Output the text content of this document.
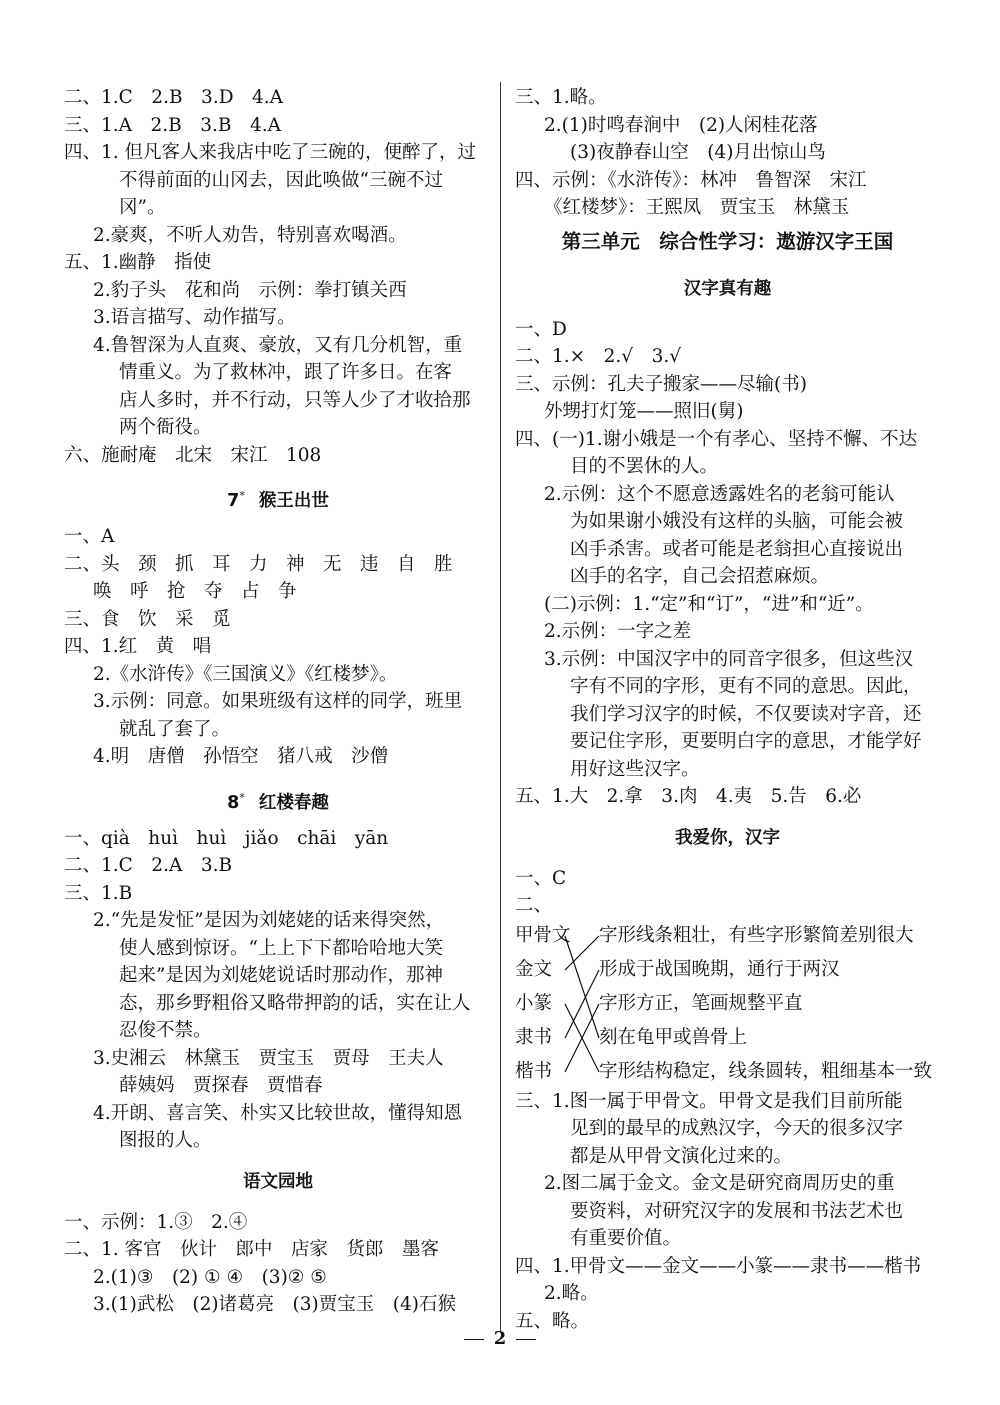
二、1.C　2.B　3.D　4.A
三、1.A　2.B　3.B　4.A
四、1. 但凡客人来我店中吃了三碗的，便醉了，过
不得前面的山冈去，因此唤做“三碗不过
冈”。
2.豪爽，不听人劝告，特别喜欢喝酒。
五、1.幽静　指使
2.豹子头　花和尚　示例：拳打镇关西
3.语言描写、动作描写。
4.鲁智深为人直爽、豪放，又有几分机智，重
情重义。为了救林冲，跟了许多日。在客
店人多时，并不行动，只等人少了才收拾那
两个衙役。
六、施耐庵　北宋　宋江　108
7* 猴王出世
一、A
二、头　颈　抓　耳　力　神　无　违　自　胜
唤　呼　抢　夺　占　争
三、食　饮　采　觅
四、1.红　黄　唱
2.《水浒传》《三国演义》《红楼梦》。
3.示例：同意。如果班级有这样的同学，班里
就乱了套了。
4.明　唐僧　孙悟空　猪八戒　沙僧
8* 红楼春趣
一、qià　huì　huì　jiǎo　chāi　yān
二、1.C　2.A　3.B
三、1.B
2.“先是发怔”是因为刘姥姥的话来得突然，
使人感到惊讶。“上上下下都哈哈地大笑
起来”是因为刘姥姥说话时那动作，那神
态，那乡野粗俗又略带押韵的话，实在让人
忍俊不禁。
3.史湘云　林黛玉　贾宝玉　贾母　王夫人
薛姨妈　贾探春　贾惜春
4.开朗、喜言笑、朴实又比较世故，懂得知恩
图报的人。
语文园地
一、示例：1.③　2.④
二、1. 客官　伙计　郎中　店家　货郎　墨客
2.(1)③　(2) ① ④　(3)② ⑤
3.(1)武松　(2)诸葛亮　(3)贾宝玉　(4)石猴
三、1.略。
2.(1)时鸣春涧中　(2)人闲桂花落
(3)夜静春山空　(4)月出惊山鸟
四、示例：《水浒传》：林冲　鲁智深　宋江
《红楼梦》：王熙凤　贾宝玉　林黛玉
第三单元　综合性学习：遨游汉字王国
汉字真有趣
一、D
二、1.×　2.√　3.√
三、示例：孔夫子搬家——尽输(书)
外甥打灯笼——照旧(舅)
四、(一)1.谢小娥是一个有孝心、坚持不懈、不达
目的不罢休的人。
2.示例：这个不愿意透露姓名的老翁可能认
为如果谢小娥没有这样的头脑，可能会被
凶手杀害。或者可能是老翁担心直接说出
凶手的名字，自己会招惹麻烦。
(二)示例：1.“定”和“订”，“进”和“近”。
2.示例：一字之差
3.示例：中国汉字中的同音字很多，但这些汉
字有不同的字形，更有不同的意思。因此，
我们学习汉字的时候，不仅要读对字音，还
要记住字形，更要明白字的意思，才能学好
用好这些汉字。
五、1.大　2.拿　3.肉　4.夷　5.告　6.必
我爱你，汉字
一、C
二、
甲骨文
金文
小篆
隶书
楷书
字形线条粗壮，有些字形繁简差别很大
形成于战国晚期，通行于两汉
字形方正，笔画规整平直
刻在龟甲或兽骨上
字形结构稳定，线条圆转，粗细基本一致
三、1.图一属于甲骨文。甲骨文是我们目前所能
见到的最早的成熟汉字，今天的很多汉字
都是从甲骨文演化过来的。
2.图二属于金文。金文是研究商周历史的重
要资料，对研究汉字的发展和书法艺术也
有重要价值。
四、1.甲骨文——金文——小篆——隶书——楷书
2.略。
五、略。
2
